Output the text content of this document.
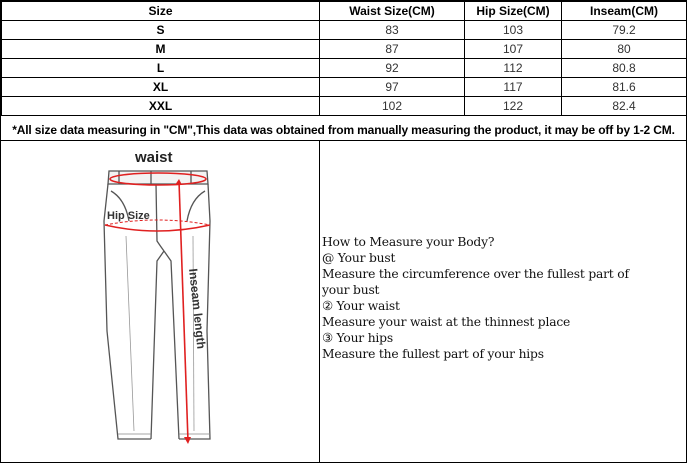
Size	Waist Size(CM)	Hip Size(CM)	Inseam(CM)
S	83	103	79.2
M	87	107	80
L	92	112	80.8
XL	97	117	81.6
XXL	102	122	82.4
*All size data measuring in "CM",This data was obtained from manually measuring the product, it may be off by 1-2 CM.
waist
Hip Size
Inseam length
How to Measure your Body?
@ Your bust
Measure the circumference over the fullest part of
your bust
② Your waist
Measure your waist at the thinnest place
③ Your hips
Measure the fullest part of your hips
